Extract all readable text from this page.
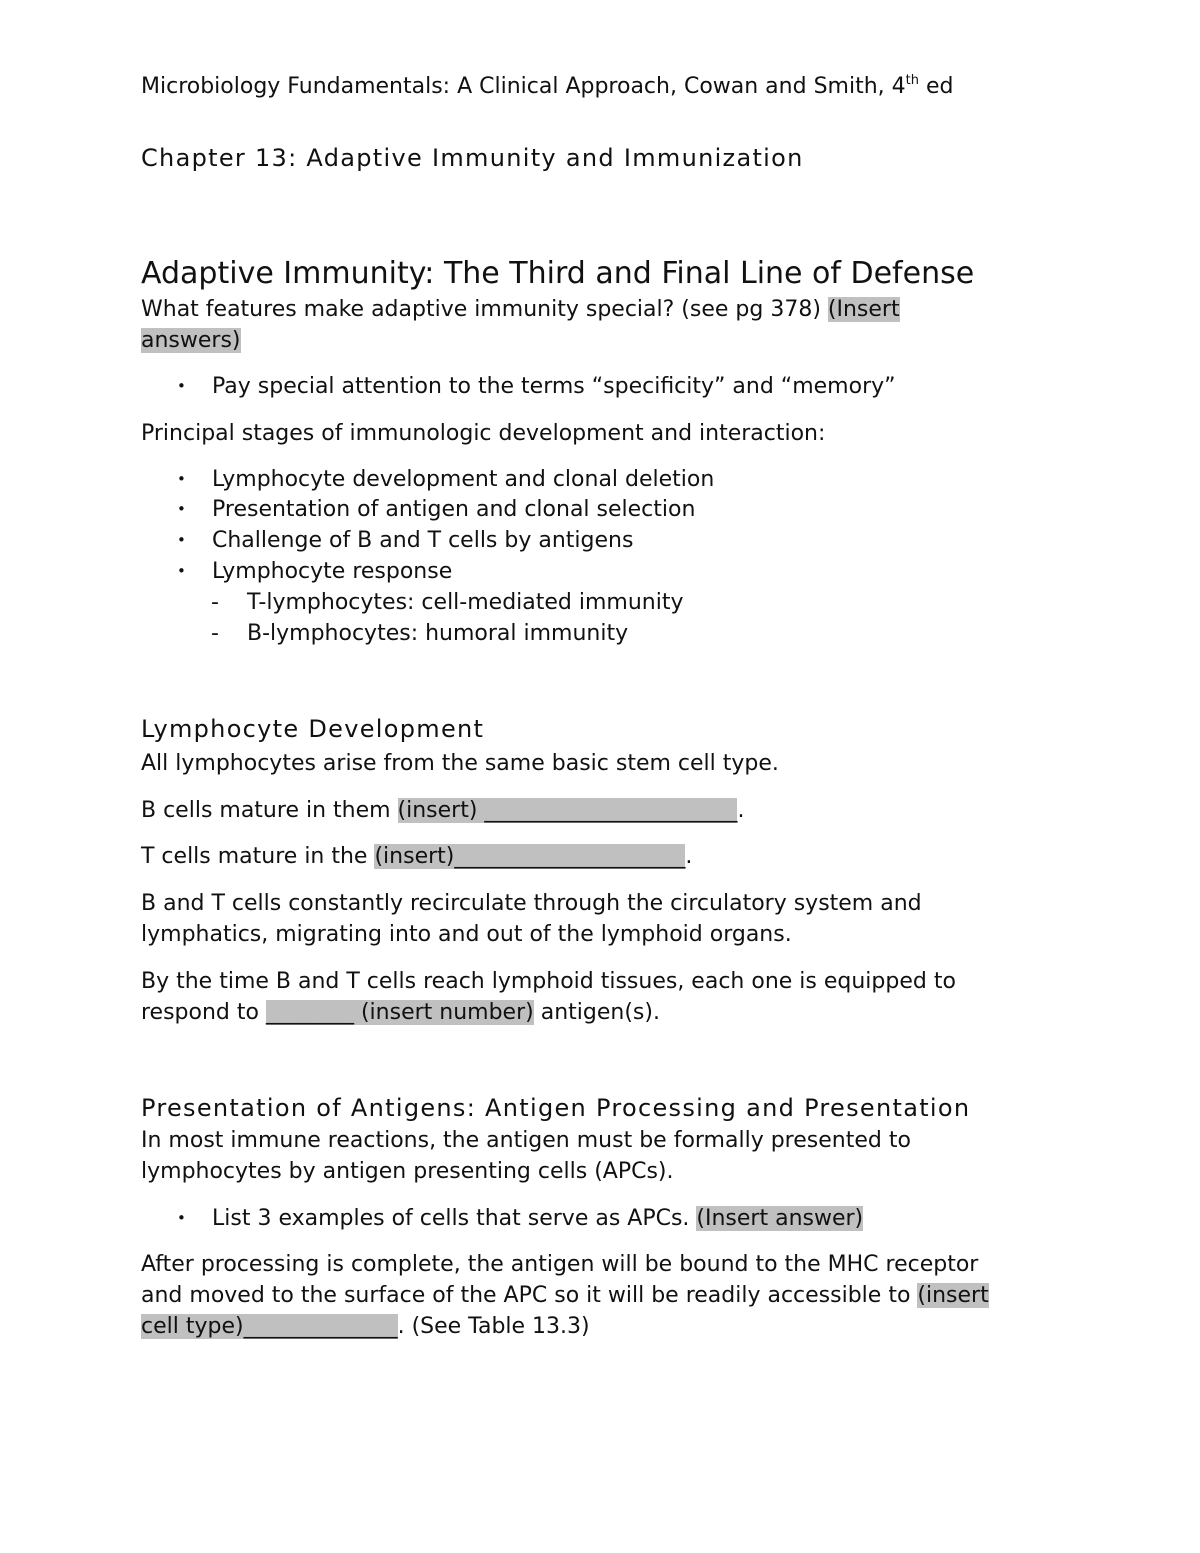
Microbiology Fundamentals: A Clinical Approach, Cowan and Smith, 4th ed
Chapter 13: Adaptive Immunity and Immunization
Adaptive Immunity: The Third and Final Line of Defense
What features make adaptive immunity special? (see pg 378) (Insert
answers)
• Pay special attention to the terms “specificity” and “memory”
Principal stages of immunologic development and interaction:
• Lymphocyte development and clonal deletion
• Presentation of antigen and clonal selection
• Challenge of B and T cells by antigens
• Lymphocyte response
- T-lymphocytes: cell-mediated immunity
- B-lymphocytes: humoral immunity
Lymphocyte Development
All lymphocytes arise from the same basic stem cell type.
B cells mature in them (insert) _______________________.
T cells mature in the (insert)_____________________.
B and T cells constantly recirculate through the circulatory system and
lymphatics, migrating into and out of the lymphoid organs.
By the time B and T cells reach lymphoid tissues, each one is equipped to
respond to ________ (insert number) antigen(s).
Presentation of Antigens: Antigen Processing and Presentation
In most immune reactions, the antigen must be formally presented to
lymphocytes by antigen presenting cells (APCs).
• List 3 examples of cells that serve as APCs. (Insert answer)
After processing is complete, the antigen will be bound to the MHC receptor
and moved to the surface of the APC so it will be readily accessible to (insert
cell type)______________. (See Table 13.3)
